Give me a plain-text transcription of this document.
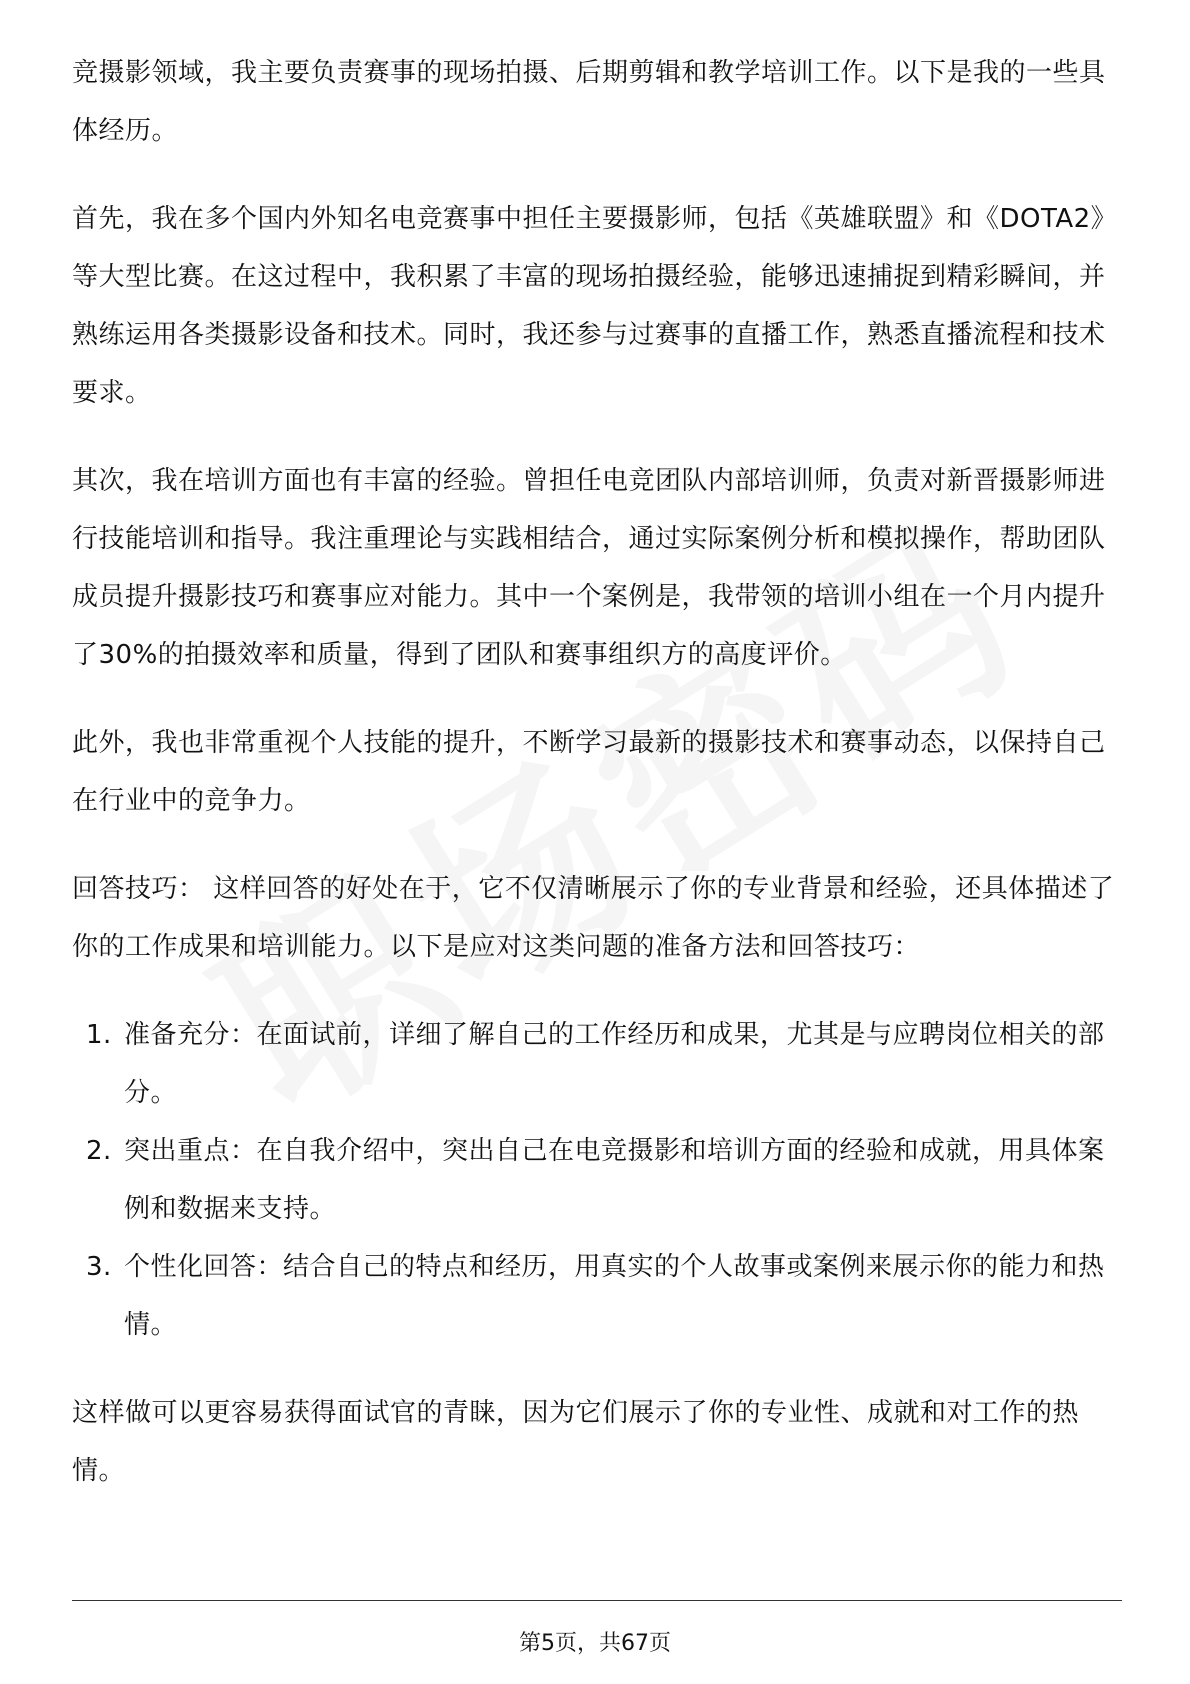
竞摄影领域，我主要负责赛事的现场拍摄、后期剪辑和教学培训工作。以下是我的一些具体经历。

首先，我在多个国内外知名电竞赛事中担任主要摄影师，包括《英雄联盟》和《DOTA2》等大型比赛。在这过程中，我积累了丰富的现场拍摄经验，能够迅速捕捉到精彩瞬间，并熟练运用各类摄影设备和技术。同时，我还参与过赛事的直播工作，熟悉直播流程和技术要求。

其次，我在培训方面也有丰富的经验。曾担任电竞团队内部培训师，负责对新晋摄影师进行技能培训和指导。我注重理论与实践相结合，通过实际案例分析和模拟操作，帮助团队成员提升摄影技巧和赛事应对能力。其中一个案例是，我带领的培训小组在一个月内提升了30%的拍摄效率和质量，得到了团队和赛事组织方的高度评价。

此外，我也非常重视个人技能的提升，不断学习最新的摄影技术和赛事动态，以保持自己在行业中的竞争力。

回答技巧： 这样回答的好处在于，它不仅清晰展示了你的专业背景和经验，还具体描述了你的工作成果和培训能力。以下是应对这类问题的准备方法和回答技巧：

1. 准备充分：在面试前，详细了解自己的工作经历和成果，尤其是与应聘岗位相关的部分。
2. 突出重点：在自我介绍中，突出自己在电竞摄影和培训方面的经验和成就，用具体案例和数据来支持。
3. 个性化回答：结合自己的特点和经历，用真实的个人故事或案例来展示你的能力和热情。

这样做可以更容易获得面试官的青睐，因为它们展示了你的专业性、成就和对工作的热情。

第5页，共67页
